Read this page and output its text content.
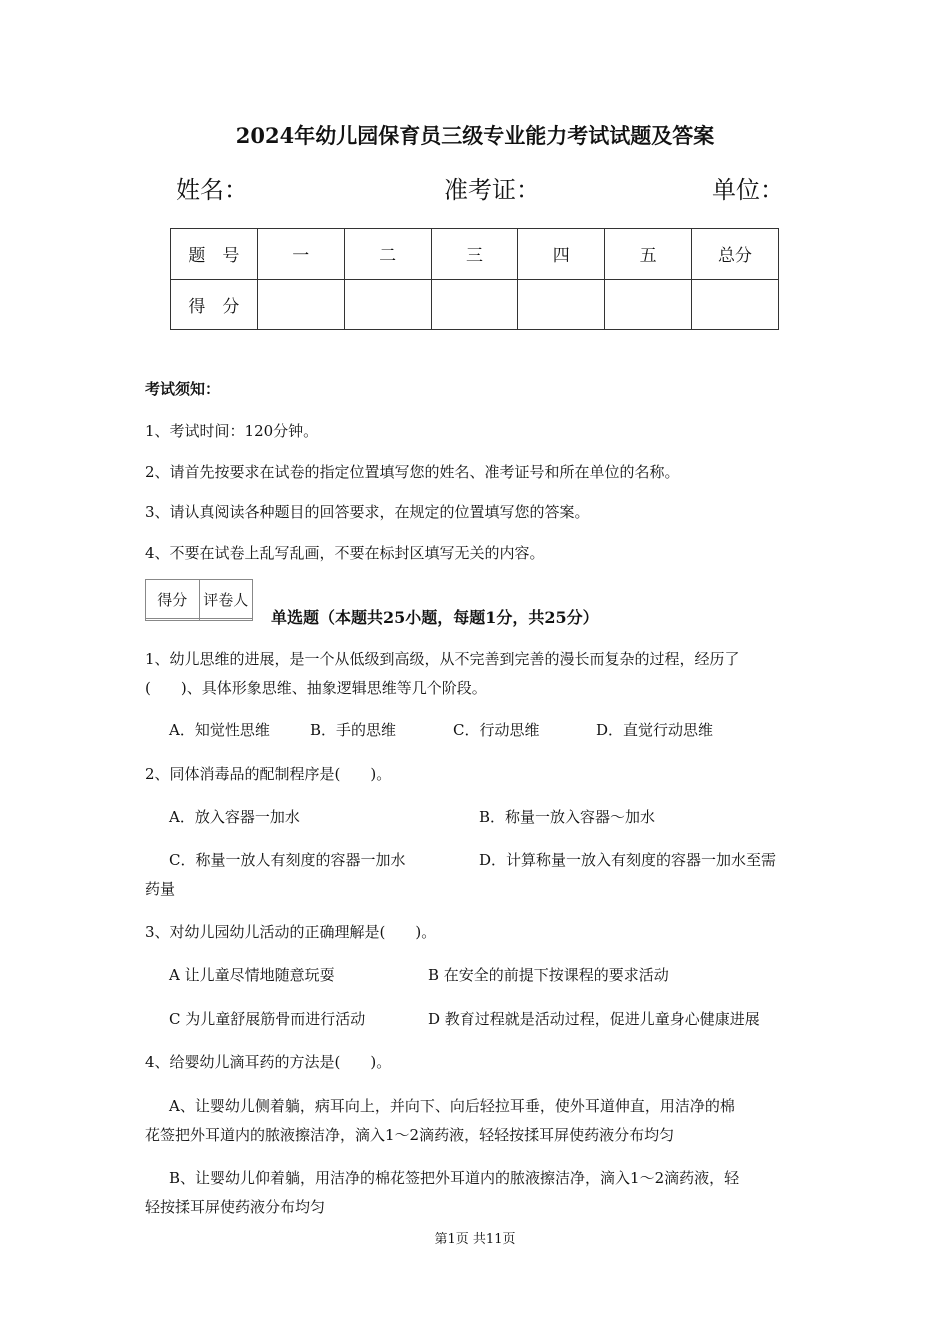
2024年幼儿园保育员三级专业能力考试试题及答案
姓名：	准考证：	单位：
题　号	一	二	三	四	五	总分
得　分						
考试须知：
1、考试时间：120分钟。
2、请首先按要求在试卷的指定位置填写您的姓名、准考证号和所在单位的名称。
3、请认真阅读各种题目的回答要求，在规定的位置填写您的答案。
4、不要在试卷上乱写乱画，不要在标封区填写无关的内容。
得分	评卷人

单选题（本题共25小题，每题1分，共25分）
1、幼儿思维的进展，是一个从低级到高级，从不完善到完善的漫长而复杂的过程，经历了
(　　)、具体形象思维、抽象逻辑思维等几个阶段。
A．知觉性思维	B．手的思维	C．行动思维	D．直觉行动思维
2、同体消毒品的配制程序是(　　)。
A．放入容器一加水	B．称量一放入容器～加水
C．称量一放人有刻度的容器一加水	D．计算称量一放入有刻度的容器一加水至需
药量
3、对幼儿园幼儿活动的正确理解是(　　)。
A 让儿童尽情地随意玩耍	B 在安全的前提下按课程的要求活动
C 为儿童舒展筋骨而进行活动	D 教育过程就是活动过程，促进儿童身心健康进展
4、给婴幼儿滴耳药的方法是(　　)。
A、让婴幼儿侧着躺，病耳向上，并向下、向后轻拉耳垂，使外耳道伸直，用洁净的棉
花签把外耳道内的脓液擦洁净，滴入1～2滴药液，轻轻按揉耳屏使药液分布均匀
B、让婴幼儿仰着躺，用洁净的棉花签把外耳道内的脓液擦洁净，滴入1～2滴药液，轻
轻按揉耳屏使药液分布均匀
第1页 共11页
